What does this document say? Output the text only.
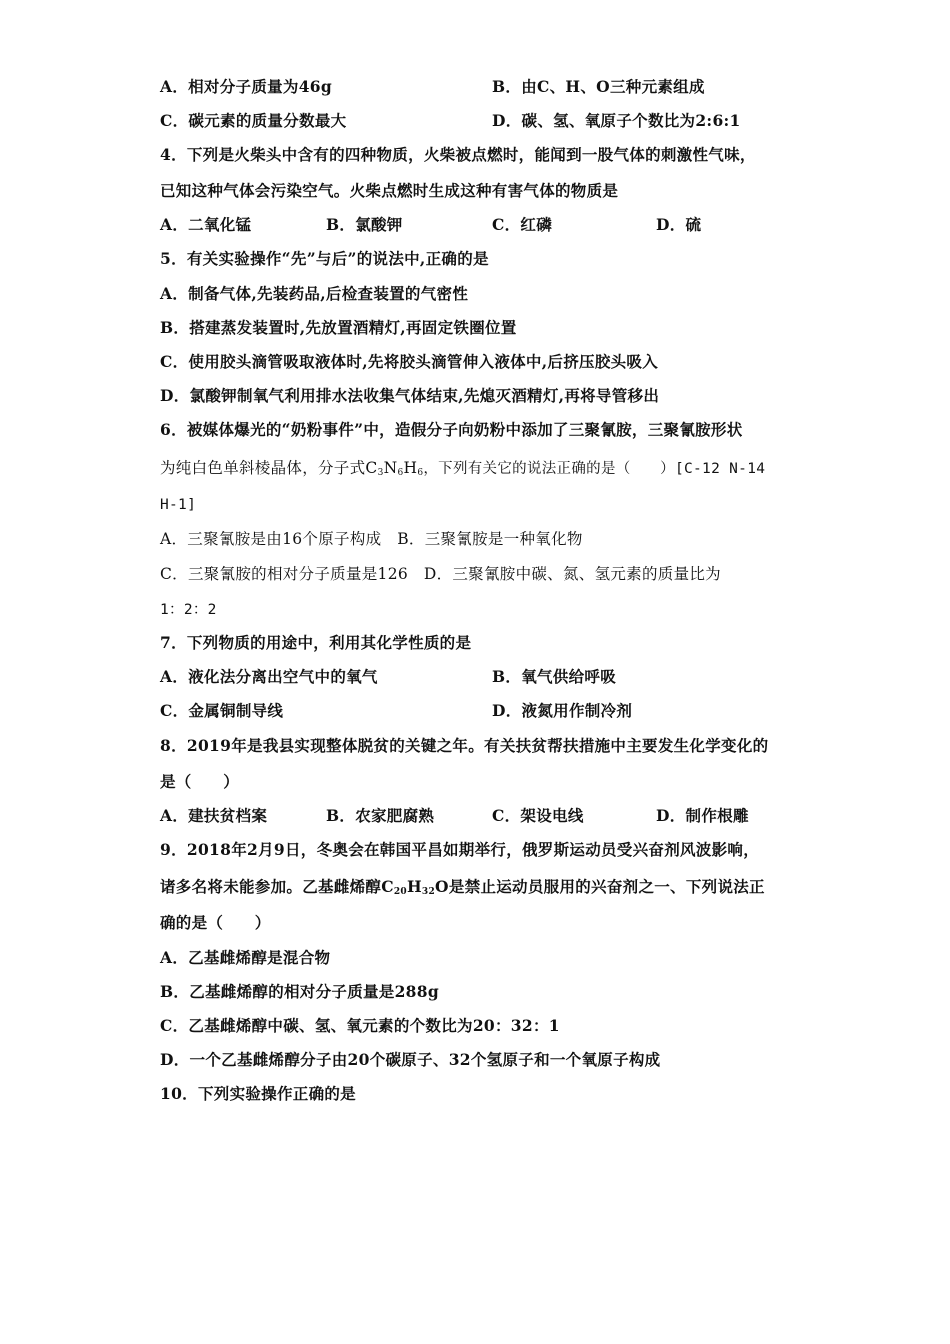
A．相对分子质量为46g	B．由C、H、O三种元素组成
C．碳元素的质量分数最大	D．碳、氢、氧原子个数比为2:6:1
4．下列是火柴头中含有的四种物质，火柴被点燃时，能闻到一股气体的刺激性气味，
已知这种气体会污染空气。火柴点燃时生成这种有害气体的物质是
A．二氧化锰	B．氯酸钾	C．红磷	D．硫
5．有关实验操作“先”与后”的说法中,正确的是
A．制备气体,先装药品,后检查装置的气密性
B．搭建蒸发装置时,先放置酒精灯,再固定铁圈位置
C．使用胶头滴管吸取液体时,先将胶头滴管伸入液体中,后挤压胶头吸入
D．氯酸钾制氧气利用排水法收集气体结束,先熄灭酒精灯,再将导管移出
6．被媒体爆光的“奶粉事件”中，造假分子向奶粉中添加了三聚氰胺，三聚氰胺形状
为纯白色单斜棱晶体，分子式$C_3N_6H_6$，下列有关它的说法正确的是（　　）[C-12 N-14
H-1]
A．三聚氰胺是由16个原子构成　B．三聚氰胺是一种氧化物
C．三聚氰胺的相对分子质量是126　D．三聚氰胺中碳、氮、氢元素的质量比为
1：2：2
7．下列物质的用途中，利用其化学性质的是
A．液化法分离出空气中的氧气	B．氧气供给呼吸
C．金属铜制导线	D．液氮用作制冷剂
8．2019年是我县实现整体脱贫的关键之年。有关扶贫帮扶措施中主要发生化学变化的
是（　　）
A．建扶贫档案	B．农家肥腐熟	C．架设电线	D．制作根雕
9．2018年2月9日，冬奥会在韩国平昌如期举行，俄罗斯运动员受兴奋剂风波影响，
诸多名将未能参加。乙基雌烯醇$C_{20}H_{32}O$是禁止运动员服用的兴奋剂之一、下列说法正
确的是（　　）
A．乙基雌烯醇是混合物
B．乙基雌烯醇的相对分子质量是288g
C．乙基雌烯醇中碳、氢、氧元素的个数比为20：32：1
D．一个乙基雌烯醇分子由20个碳原子、32个氢原子和一个氧原子构成
10．下列实验操作正确的是
